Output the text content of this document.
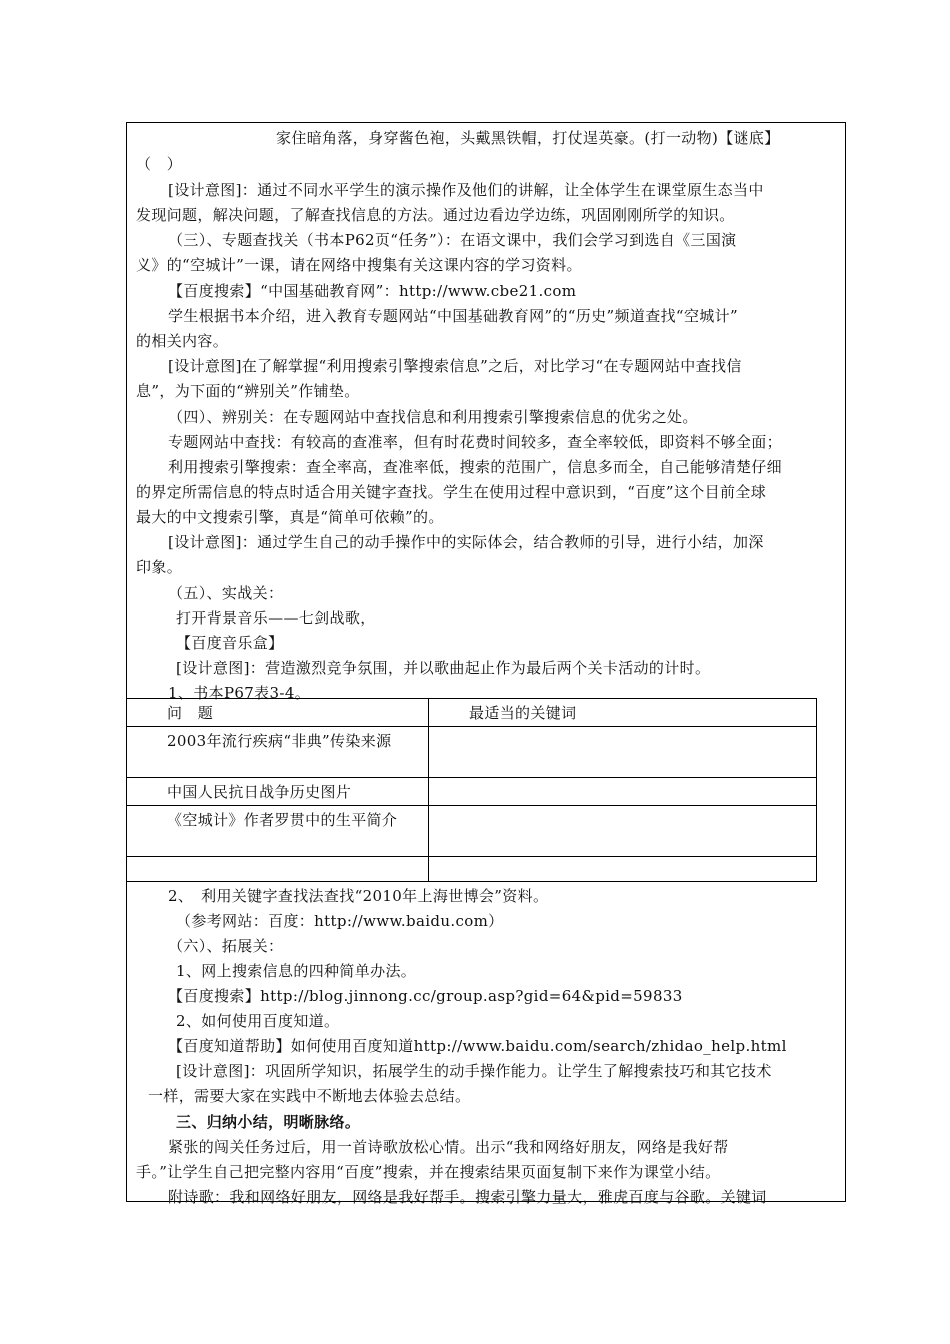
家住暗角落，身穿酱色袍，头戴黑铁帽，打仗逞英豪。(打一动物)【谜底】
（　）
[设计意图]：通过不同水平学生的演示操作及他们的讲解，让全体学生在课堂原生态当中
发现问题，解决问题，了解查找信息的方法。通过边看边学边练，巩固刚刚所学的知识。
（三）、专题查找关（书本P62页“任务”）：在语文课中，我们会学习到选自《三国演
义》的“空城计”一课，请在网络中搜集有关这课内容的学习资料。
【百度搜索】“中国基础教育网”：http://www.cbe21.com
学生根据书本介绍，进入教育专题网站“中国基础教育网”的“历史”频道查找“空城计”
的相关内容。
[设计意图]在了解掌握“利用搜索引擎搜索信息”之后，对比学习“在专题网站中查找信
息”，为下面的“辨别关”作铺垫。
（四）、辨别关：在专题网站中查找信息和利用搜索引擎搜索信息的优劣之处。
专题网站中查找：有较高的查准率，但有时花费时间较多，查全率较低，即资料不够全面；
利用搜索引擎搜索：查全率高，查准率低，搜索的范围广，信息多而全，自己能够清楚仔细
的界定所需信息的特点时适合用关键字查找。学生在使用过程中意识到，“百度”这个目前全球
最大的中文搜索引擎，真是“简单可依赖”的。
[设计意图]：通过学生自己的动手操作中的实际体会，结合教师的引导，进行小结，加深
印象。
（五）、实战关：
打开背景音乐——七剑战歌，
【百度音乐盒】
[设计意图]：营造激烈竞争氛围，并以歌曲起止作为最后两个关卡活动的计时。
1、书本P67表3-4。
2、　利用关键字查找法查找“2010年上海世博会”资料。
（参考网站：百度：http://www.baidu.com）
（六）、拓展关：
1、网上搜索信息的四种简单办法。
【百度搜索】http://blog.jinnong.cc/group.asp?gid=64&pid=59833
2、如何使用百度知道。
【百度知道帮助】如何使用百度知道http://www.baidu.com/search/zhidao_help.html
[设计意图]：巩固所学知识，拓展学生的动手操作能力。让学生了解搜索技巧和其它技术
一样，需要大家在实践中不断地去体验去总结。
三、归纳小结，明晰脉络。
紧张的闯关任务过后，用一首诗歌放松心情。出示“我和网络好朋友，网络是我好帮
手。”让学生自己把完整内容用“百度”搜索，并在搜索结果页面复制下来作为课堂小结。
附诗歌：我和网络好朋友，网络是我好帮手。搜索引擎力量大，雅虎百度与谷歌。关键词
问　题	最适当的关键词

2003年流行疾病“非典”传染来源	

中国人民抗日战争历史图片	

《空城计》作者罗贯中的生平简介	
